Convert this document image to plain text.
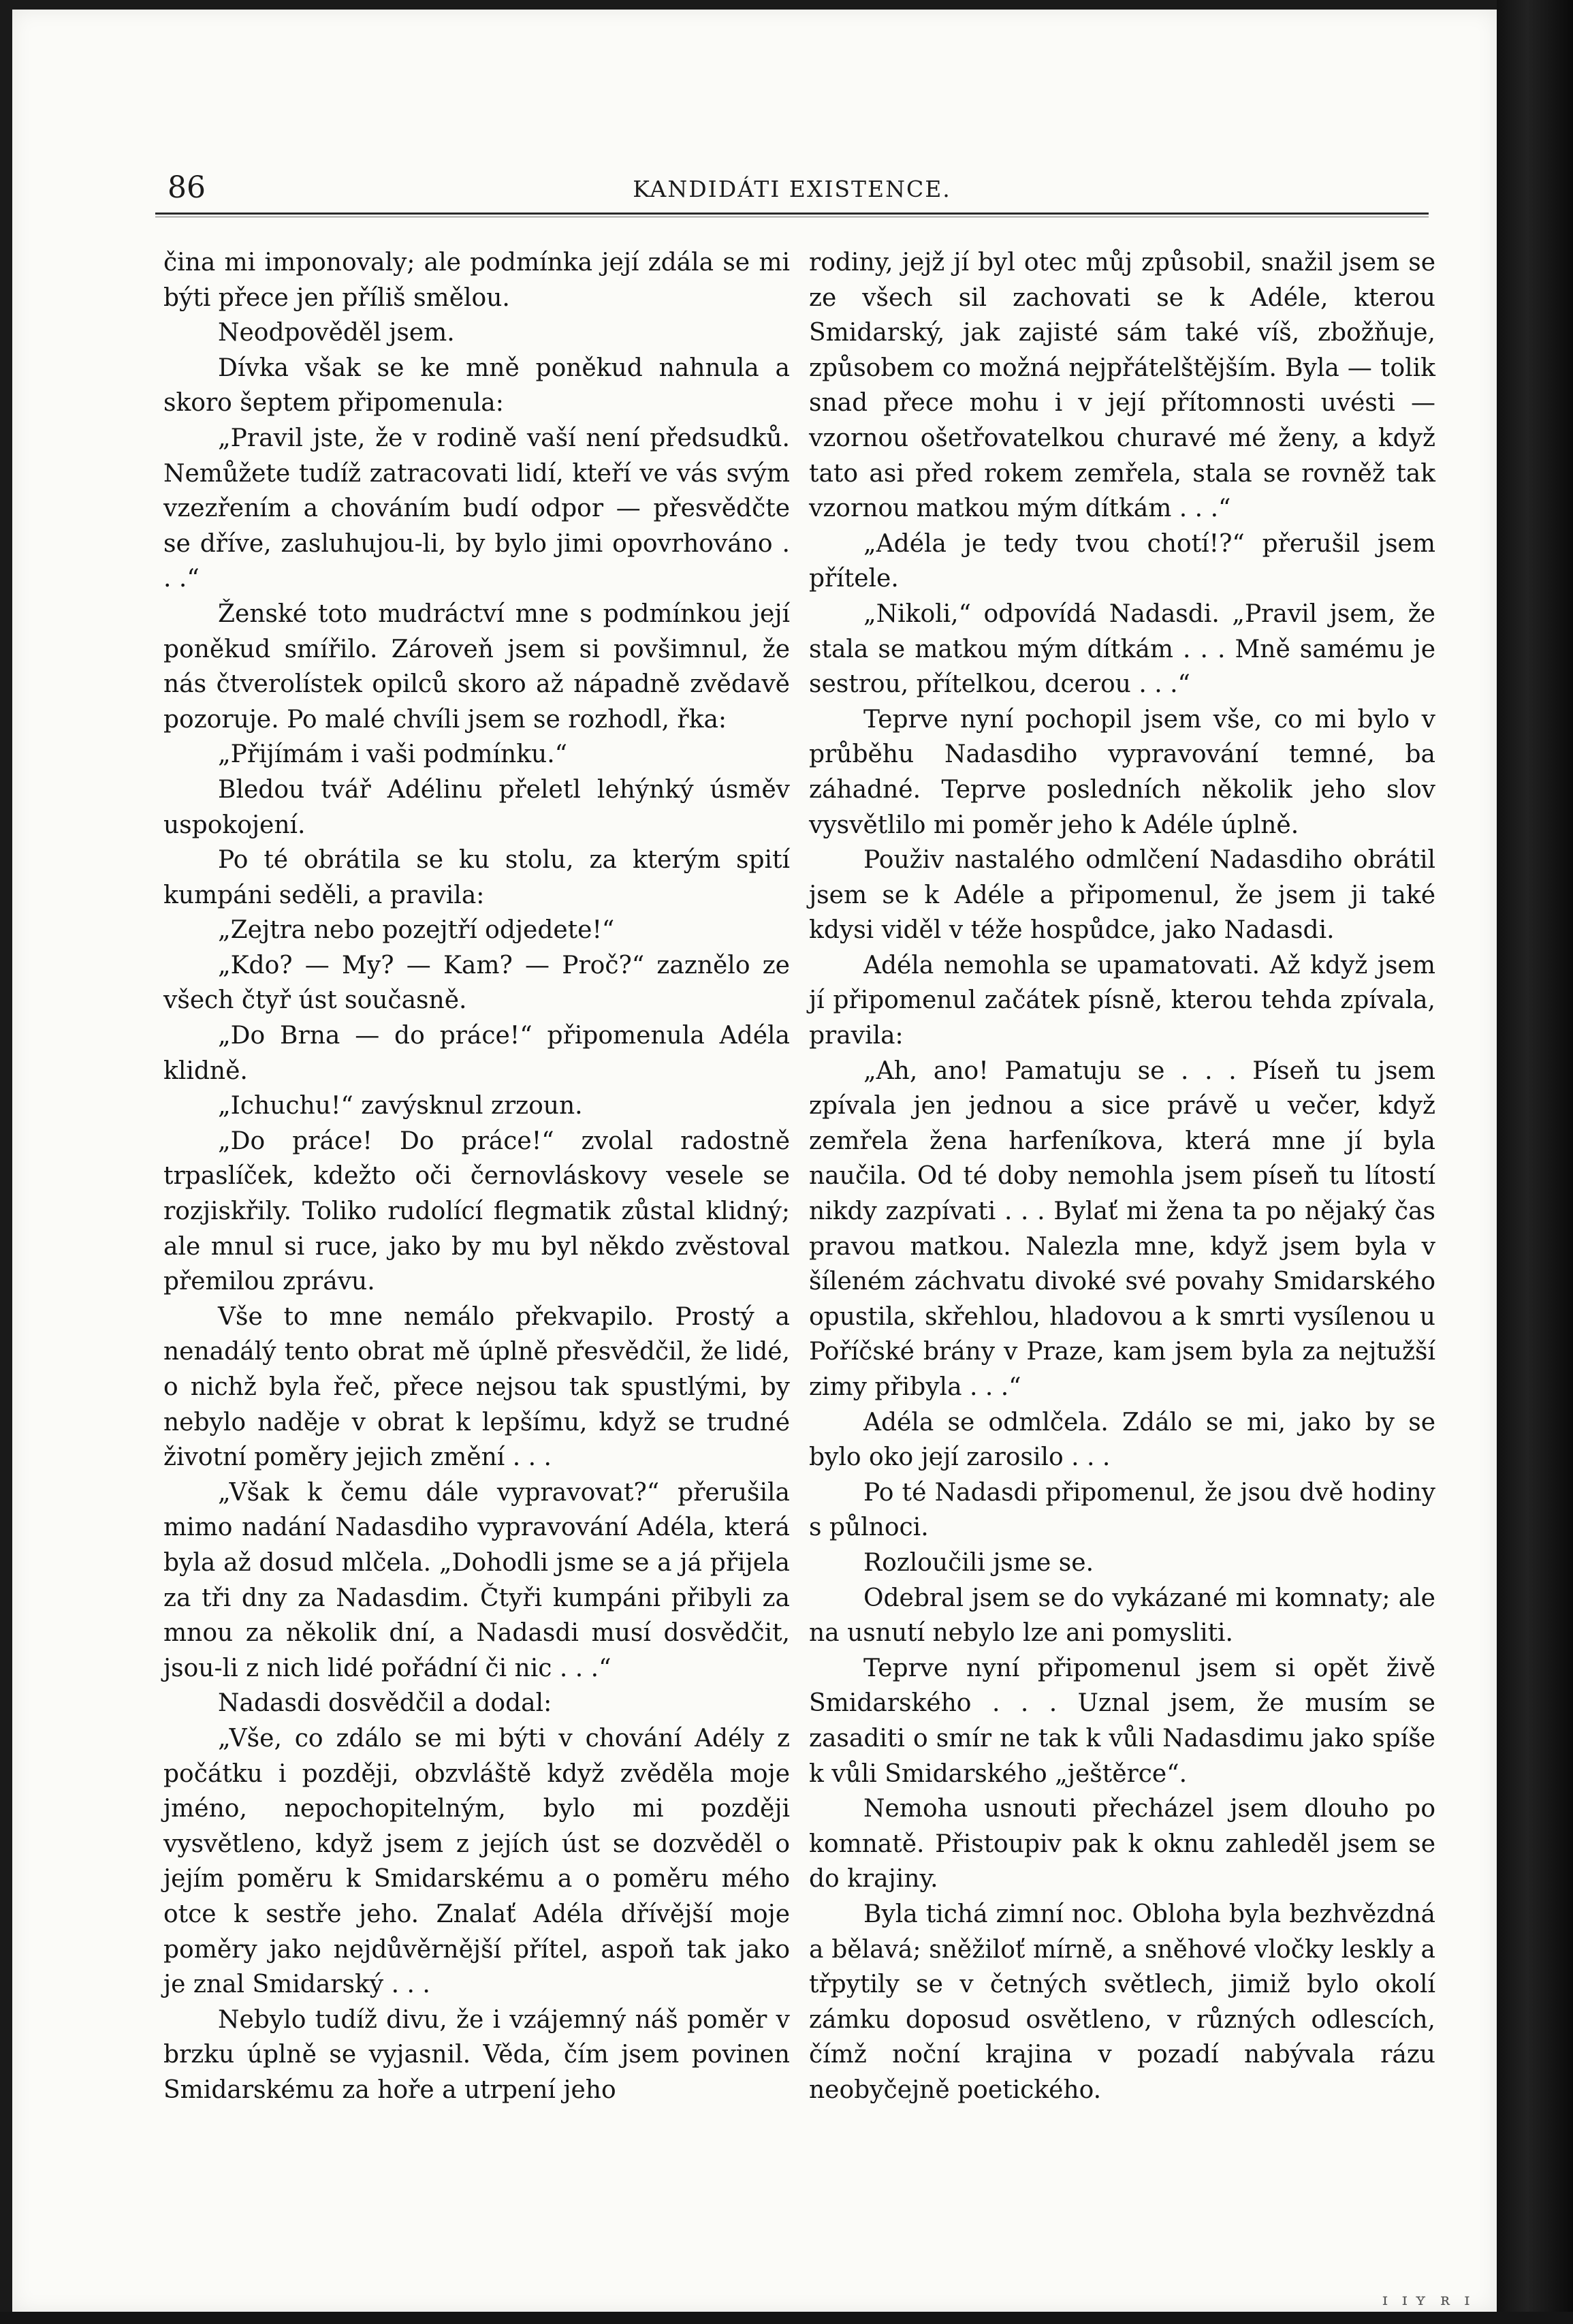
86	KANDIDÁTI EXISTENCE.

čina mi imponovaly; ale podmínka její zdála se mi býti přece jen příliš smělou.

Neodpověděl jsem.

Dívka však se ke mně poněkud nahnula a skoro šeptem připomenula:

„Pravil jste, že v rodině vaší není předsudků. Nemůžete tudíž zatracovati lidí, kteří ve vás svým vzezřením a chováním budí odpor — přesvědčte se dříve, zasluhujou-li, by bylo jimi opovrhováno . . .“

Ženské toto mudráctví mne s podmínkou její poněkud smířilo. Zároveň jsem si povšimnul, že nás čtverolístek opilců skoro až nápadně zvědavě pozoruje. Po malé chvíli jsem se rozhodl, řka:

„Přijímám i vaši podmínku.“

Bledou tvář Adélinu přeletl lehýnký úsměv uspokojení.

Po té obrátila se ku stolu, za kterým spití kumpáni seděli, a pravila:

„Zejtra nebo pozejtří odjedete!“

„Kdo? — My? — Kam? — Proč?“ zaznělo ze všech čtyř úst současně.

„Do Brna — do práce!“ připomenula Adéla klidně.

„Ichuchu!“ zavýsknul zrzoun.

„Do práce! Do práce!“ zvolal radostně trpaslíček, kdežto oči černovláskovy vesele se rozjiskřily. Toliko rudolící flegmatik zůstal klidný; ale mnul si ruce, jako by mu byl někdo zvěstoval přemilou zprávu.

Vše to mne nemálo překvapilo. Prostý a nenadálý tento obrat mě úplně přesvědčil, že lidé, o nichž byla řeč, přece nejsou tak spustlými, by nebylo naděje v obrat k lepšímu, když se trudné životní poměry jejich změní . . .

„Však k čemu dále vypravovat?“ přerušila mimo nadání Nadasdiho vypravování Adéla, která byla až dosud mlčela. „Dohodli jsme se a já přijela za tři dny za Nadasdim. Čtyři kumpáni přibyli za mnou za několik dní, a Nadasdi musí dosvědčit, jsou-li z nich lidé pořádní či nic . . .“

Nadasdi dosvědčil a dodal:

„Vše, co zdálo se mi býti v chování Adély z počátku i později, obzvláště když zvěděla moje jméno, nepochopitelným, bylo mi později vysvětleno, když jsem z jejích úst se dozvěděl o jejím poměru k Smidarskému a o poměru mého otce k sestře jeho. Znalať Adéla dřívější moje poměry jako nejdůvěrnější přítel, aspoň tak jako je znal Smidarský . . .

Nebylo tudíž divu, že i vzájemný náš poměr v brzku úplně se vyjasnil. Věda, čím jsem povinen Smidarskému za hoře a utrpení jeho

rodiny, jejž jí byl otec můj způsobil, snažil jsem se ze všech sil zachovati se k Adéle, kterou Smidarský, jak zajisté sám také víš, zbožňuje, způsobem co možná nejpřátelštějším. Byla — tolik snad přece mohu i v její přítomnosti uvésti — vzornou ošetřovatelkou churavé mé ženy, a když tato asi před rokem zemřela, stala se rovněž tak vzornou matkou mým dítkám . . .“

„Adéla je tedy tvou chotí!?“ přerušil jsem přítele.

„Nikoli,“ odpovídá Nadasdi. „Pravil jsem, že stala se matkou mým dítkám . . . Mně samému je sestrou, přítelkou, dcerou . . .“

Teprve nyní pochopil jsem vše, co mi bylo v průběhu Nadasdiho vypravování temné, ba záhadné. Teprve posledních několik jeho slov vysvětlilo mi poměr jeho k Adéle úplně.

Použiv nastalého odmlčení Nadasdiho obrátil jsem se k Adéle a připomenul, že jsem ji také kdysi viděl v téže hospůdce, jako Nadasdi.

Adéla nemohla se upamatovati. Až když jsem jí připomenul začátek písně, kterou tehda zpívala, pravila:

„Ah, ano! Pamatuju se . . . Píseň tu jsem zpívala jen jednou a sice právě u večer, když zemřela žena harfeníkova, která mne jí byla naučila. Od té doby nemohla jsem píseň tu lítostí nikdy zazpívati . . . Bylať mi žena ta po nějaký čas pravou matkou. Nalezla mne, když jsem byla v šíleném záchvatu divoké své povahy Smidarského opustila, skřehlou, hladovou a k smrti vysílenou u Poříčské brány v Praze, kam jsem byla za nejtužší zimy přibyla . . .“

Adéla se odmlčela. Zdálo se mi, jako by se bylo oko její zarosilo . . .

Po té Nadasdi připomenul, že jsou dvě hodiny s půlnoci.

Rozloučili jsme se.

Odebral jsem se do vykázané mi komnaty; ale na usnutí nebylo lze ani pomysliti.

Teprve nyní připomenul jsem si opět živě Smidarského . . . Uznal jsem, že musím se zasaditi o smír ne tak k vůli Nadasdimu jako spíše k vůli Smidarského „ještěrce“.

Nemoha usnouti přecházel jsem dlouho po komnatě. Přistoupiv pak k oknu zahleděl jsem se do krajiny.

Byla tichá zimní noc. Obloha byla bezhvězdná a bělavá; sněžiloť mírně, a sněhové vločky leskly a třpytily se v četných světlech, jimiž bylo okolí zámku doposud osvětleno, v různých odlescích, čímž noční krajina v pozadí nabývala rázu neobyčejně poetického.

ɪ  ɪ ʏ  ʀ  ɪ
